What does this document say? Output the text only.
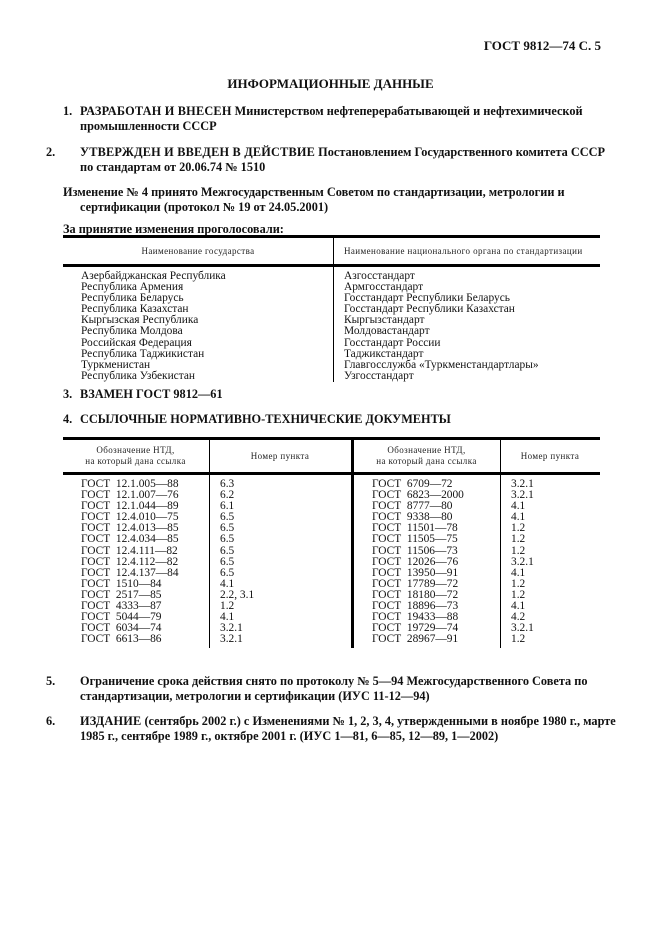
ГОСТ 9812—74 С. 5
ИНФОРМАЦИОННЫЕ ДАННЫЕ
1. РАЗРАБОТАН И ВНЕСЕН Министерством нефтеперерабатывающей и нефтехимической промышленности СССР
2. УТВЕРЖДЕН И ВВЕДЕН В ДЕЙСТВИЕ Постановлением Государственного комитета СССР по стандартам от 20.06.74 № 1510
Изменение № 4 принято Межгосударственным Советом по стандартизации, метрологии и сертификации (протокол № 19 от 24.05.2001)
За принятие изменения проголосовали:
Наименование государства	Наименование национального органа по стандартизации
Азербайджанская Республика	Азгосстандарт
Республика Армения	Армгосстандарт
Республика Беларусь	Госстандарт Республики Беларусь
Республика Казахстан	Госстандарт Республики Казахстан
Кыргызская Республика	Кыргызстандарт
Республика Молдова	Молдовастандарт
Российская Федерация	Госстандарт России
Республика Таджикистан	Таджикстандарт
Туркменистан	Главгосслужба «Туркменстандартлары»
Республика Узбекистан	Узгосстандарт
3. ВЗАМЕН ГОСТ 9812—61
4. ССЫЛОЧНЫЕ НОРМАТИВНО-ТЕХНИЧЕСКИЕ ДОКУМЕНТЫ
Обозначение НТД,
на который дана ссылка	Номер пункта	Обозначение НТД,
на который дана ссылка	Номер пункта
ГОСТ  12.1.005—88	6.3	ГОСТ  6709—72	3.2.1
ГОСТ  12.1.007—76	6.2	ГОСТ  6823—2000	3.2.1
ГОСТ  12.1.044—89	6.1	ГОСТ  8777—80	4.1
ГОСТ  12.4.010—75	6.5	ГОСТ  9338—80	4.1
ГОСТ  12.4.013—85	6.5	ГОСТ  11501—78	1.2
ГОСТ  12.4.034—85	6.5	ГОСТ  11505—75	1.2
ГОСТ  12.4.111—82	6.5	ГОСТ  11506—73	1.2
ГОСТ  12.4.112—82	6.5	ГОСТ  12026—76	3.2.1
ГОСТ  12.4.137—84	6.5	ГОСТ  13950—91	4.1
ГОСТ  1510—84	4.1	ГОСТ  17789—72	1.2
ГОСТ  2517—85	2.2, 3.1	ГОСТ  18180—72	1.2
ГОСТ  4333—87	1.2	ГОСТ  18896—73	4.1
ГОСТ  5044—79	4.1	ГОСТ  19433—88	4.2
ГОСТ  6034—74	3.2.1	ГОСТ  19729—74	3.2.1
ГОСТ  6613—86	3.2.1	ГОСТ  28967—91	1.2
5. Ограничение срока действия снято по протоколу № 5—94 Межгосударственного Совета по стандартизации, метрологии и сертификации (ИУС 11-12—94)
6. ИЗДАНИЕ (сентябрь 2002 г.) с Изменениями № 1, 2, 3, 4, утвержденными в ноябре 1980 г., марте 1985 г., сентябре 1989 г., октябре 2001 г. (ИУС 1—81, 6—85, 12—89, 1—2002)
